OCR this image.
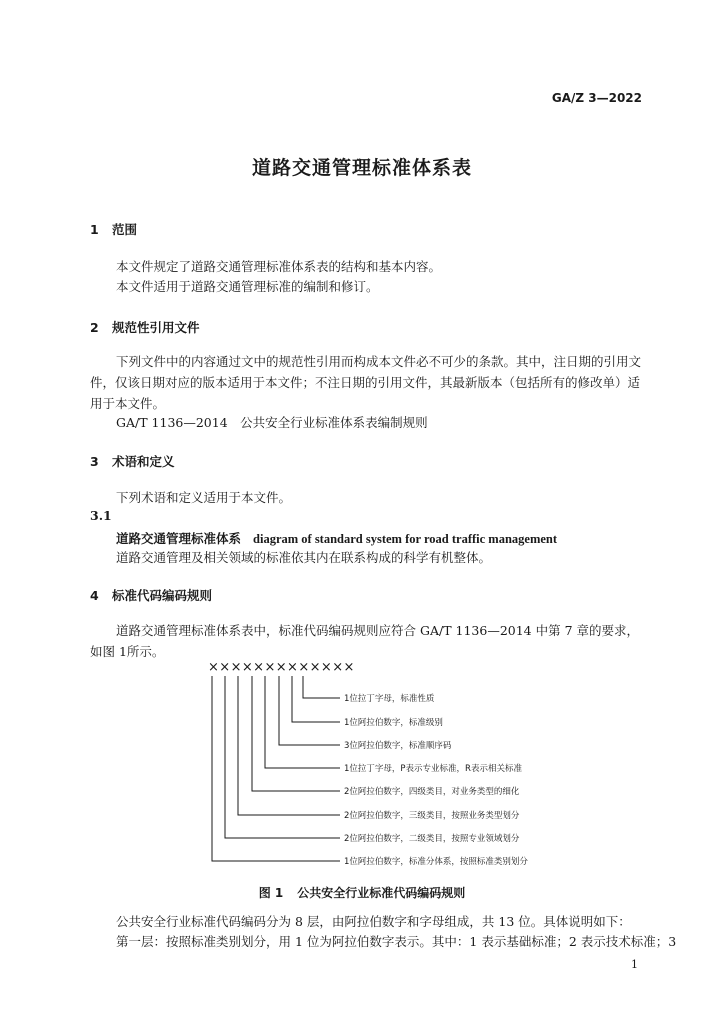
GA/Z 3—2022
道路交通管理标准体系表
1 范围
本文件规定了道路交通管理标准体系表的结构和基本内容。
本文件适用于道路交通管理标准的编制和修订。
2 规范性引用文件
下列文件中的内容通过文中的规范性引用而构成本文件必不可少的条款。其中，注日期的引用文件，仅该日期对应的版本适用于本文件；不注日期的引用文件，其最新版本（包括所有的修改单）适用于本文件。
GA/T 1136—2014　公共安全行业标准体系表编制规则
3 术语和定义
下列术语和定义适用于本文件。
3.1
道路交通管理标准体系 diagram of standard system for road traffic management
道路交通管理及相关领域的标准依其内在联系构成的科学有机整体。
4 标准代码编码规则
道路交通管理标准体系表中，标准代码编码规则应符合 GA/T 1136—2014 中第 7 章的要求，如图 1所示。
×××××××××××××
1位拉丁字母，标准性质
1位阿拉伯数字，标准级别
3位阿拉伯数字，标准顺序码
1位拉丁字母，P表示专业标准，R表示相关标准
2位阿拉伯数字，四级类目，对业务类型的细化
2位阿拉伯数字，三级类目，按照业务类型划分
2位阿拉伯数字，二级类目，按照专业领域划分
1位阿拉伯数字，标准分体系，按照标准类别划分
图 1 公共安全行业标准代码编码规则
公共安全行业标准代码编码分为 8 层，由阿拉伯数字和字母组成，共 13 位。具体说明如下：
第一层：按照标准类别划分，用 1 位为阿拉伯数字表示。其中：1 表示基础标准；2 表示技术标准；3
1
